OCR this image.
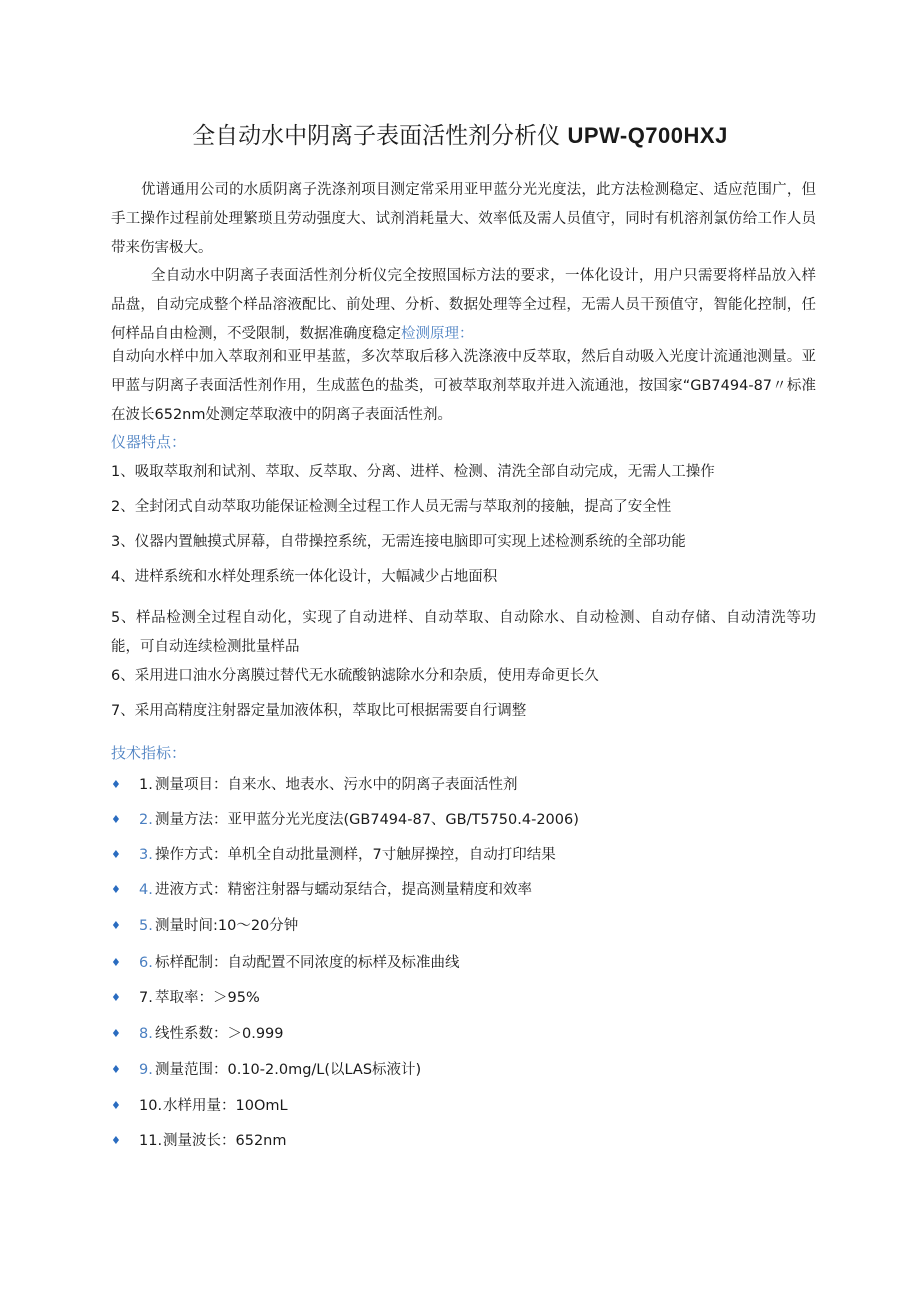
全自动水中阴离子表面活性剂分析仪 UPW-Q700HXJ
优谱通用公司的水质阴离子洗涤剂项目测定常采用亚甲蓝分光光度法，此方法检测稳定、适应范围广，但手工操作过程前处理繁琐且劳动强度大、试剂消耗量大、效率低及需人员值守，同时有机溶剂氯仿给工作人员带来伤害极大。
全自动水中阴离子表面活性剂分析仪完全按照国标方法的要求，一体化设计，用户只需要将样品放入样品盘，自动完成整个样品溶液配比、前处理、分析、数据处理等全过程，无需人员干预值守，智能化控制，任何样品自由检测，不受限制，数据准确度稳定检测原理：
自动向水样中加入萃取剂和亚甲基蓝，多次萃取后移入洗涤液中反萃取，然后自动吸入光度计流通池测量。亚甲蓝与阴离子表面活性剂作用，生成蓝色的盐类，可被萃取剂萃取并进入流通池，按国家“GB7494-87〃标准在波长652nm处测定萃取液中的阴离子表面活性剂。
仪器特点：
1、吸取萃取剂和试剂、萃取、反萃取、分离、进样、检测、清洗全部自动完成，无需人工操作
2、全封闭式自动萃取功能保证检测全过程工作人员无需与萃取剂的接触，提高了安全性
3、仪器内置触摸式屏幕，自带操控系统，无需连接电脑即可实现上述检测系统的全部功能
4、进样系统和水样处理系统一体化设计，大幅减少占地面积
5、样品检测全过程自动化，实现了自动进样、自动萃取、自动除水、自动检测、自动存储、自动清洗等功能，可自动连续检测批量样品
6、采用进口油水分离膜过替代无水硫酸钠滤除水分和杂质，使用寿命更长久
7、采用高精度注射器定量加液体积，萃取比可根据需要自行调整
技术指标：
♦ 1. 测量项目：自来水、地表水、污水中的阴离子表面活性剂
♦ 2. 测量方法：亚甲蓝分光光度法(GB7494-87、GB/T5750.4-2006)
♦ 3. 操作方式：单机全自动批量测样，7寸触屏操控，自动打印结果
♦ 4. 进液方式：精密注射器与蠕动泵结合，提高测量精度和效率
♦ 5. 测量时间:10～20分钟
♦ 6. 标样配制：自动配置不同浓度的标样及标准曲线
♦ 7. 萃取率：＞95%
♦ 8. 线性系数：＞0.999
♦ 9. 测量范围：0.10-2.0mg∕L(以LAS标液计)
♦ 10. 水样用量：10OmL
♦ 11. 测量波长：652nm
